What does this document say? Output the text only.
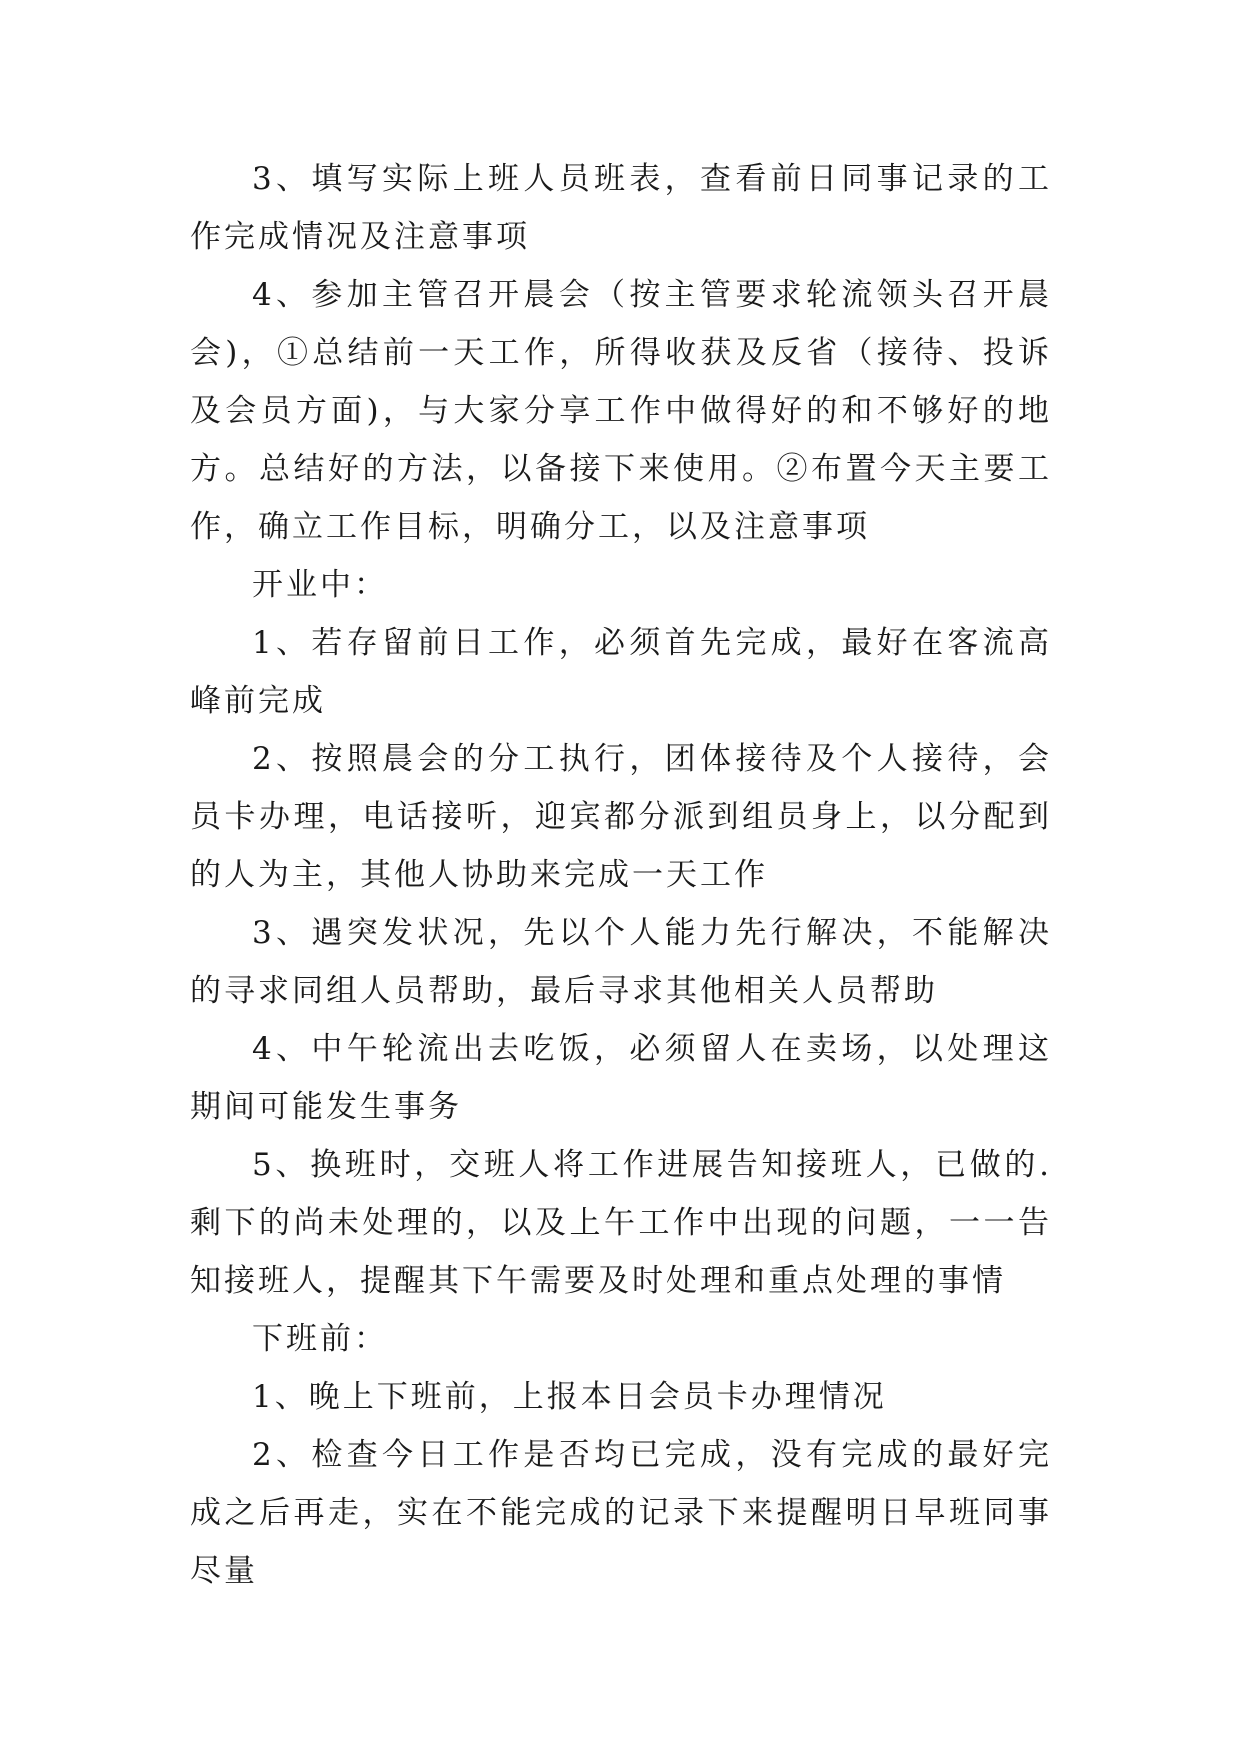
3、填写实际上班人员班表，查看前日同事记录的工作完成情况及注意事项

4、参加主管召开晨会（按主管要求轮流领头召开晨会)，①总结前一天工作，所得收获及反省（接待、投诉及会员方面)，与大家分享工作中做得好的和不够好的地方。总结好的方法，以备接下来使用。②布置今天主要工作，确立工作目标，明确分工，以及注意事项

开业中：

1、若存留前日工作，必须首先完成，最好在客流高峰前完成

2、按照晨会的分工执行，团体接待及个人接待，会员卡办理，电话接听，迎宾都分派到组员身上，以分配到的人为主，其他人协助来完成一天工作

3、遇突发状况，先以个人能力先行解决，不能解决的寻求同组人员帮助，最后寻求其他相关人员帮助

4、中午轮流出去吃饭，必须留人在卖场，以处理这期间可能发生事务

5、换班时，交班人将工作进展告知接班人，已做的.剩下的尚未处理的，以及上午工作中出现的问题，一一告知接班人，提醒其下午需要及时处理和重点处理的事情

下班前：

1、晚上下班前，上报本日会员卡办理情况

2、检查今日工作是否均已完成，没有完成的最好完成之后再走，实在不能完成的记录下来提醒明日早班同事尽量
